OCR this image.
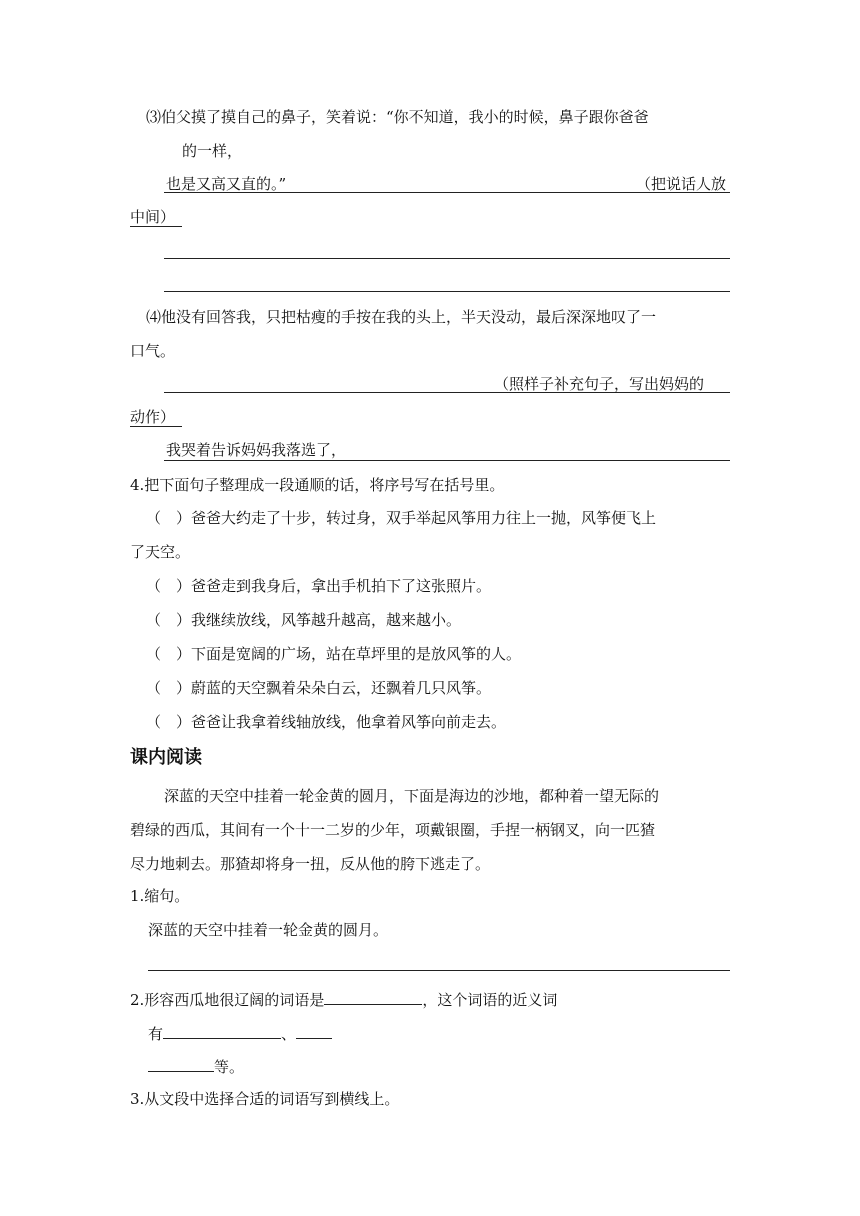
⑶伯父摸了摸自己的鼻子，笑着说：“你不知道，我小的时候，鼻子跟你爸爸
的一样，
也是又高又直的。”	（把说话人放
中间）
⑷他没有回答我，只把枯瘦的手按在我的头上，半天没动，最后深深地叹了一
口气。
（照样子补充句子，写出妈妈的
动作）
我哭着告诉妈妈我落选了，
4.把下面句子整理成一段通顺的话，将序号写在括号里。
（　）爸爸大约走了十步，转过身，双手举起风筝用力往上一抛，风筝便飞上
了天空。
（　）爸爸走到我身后，拿出手机拍下了这张照片。
（　）我继续放线，风筝越升越高，越来越小。
（　）下面是宽阔的广场，站在草坪里的是放风筝的人。
（　）蔚蓝的天空飘着朵朵白云，还飘着几只风筝。
（　）爸爸让我拿着线轴放线，他拿着风筝向前走去。
课内阅读
深蓝的天空中挂着一轮金黄的圆月，下面是海边的沙地，都种着一望无际的
碧绿的西瓜，其间有一个十一二岁的少年，项戴银圈，手捏一柄钢叉，向一匹猹
尽力地刺去。那猹却将身一扭，反从他的胯下逃走了。
1.缩句。
深蓝的天空中挂着一轮金黄的圆月。
2.形容西瓜地很辽阔的词语是	，这个词语的近义词
有	、
等。
3.从文段中选择合适的词语写到横线上。
